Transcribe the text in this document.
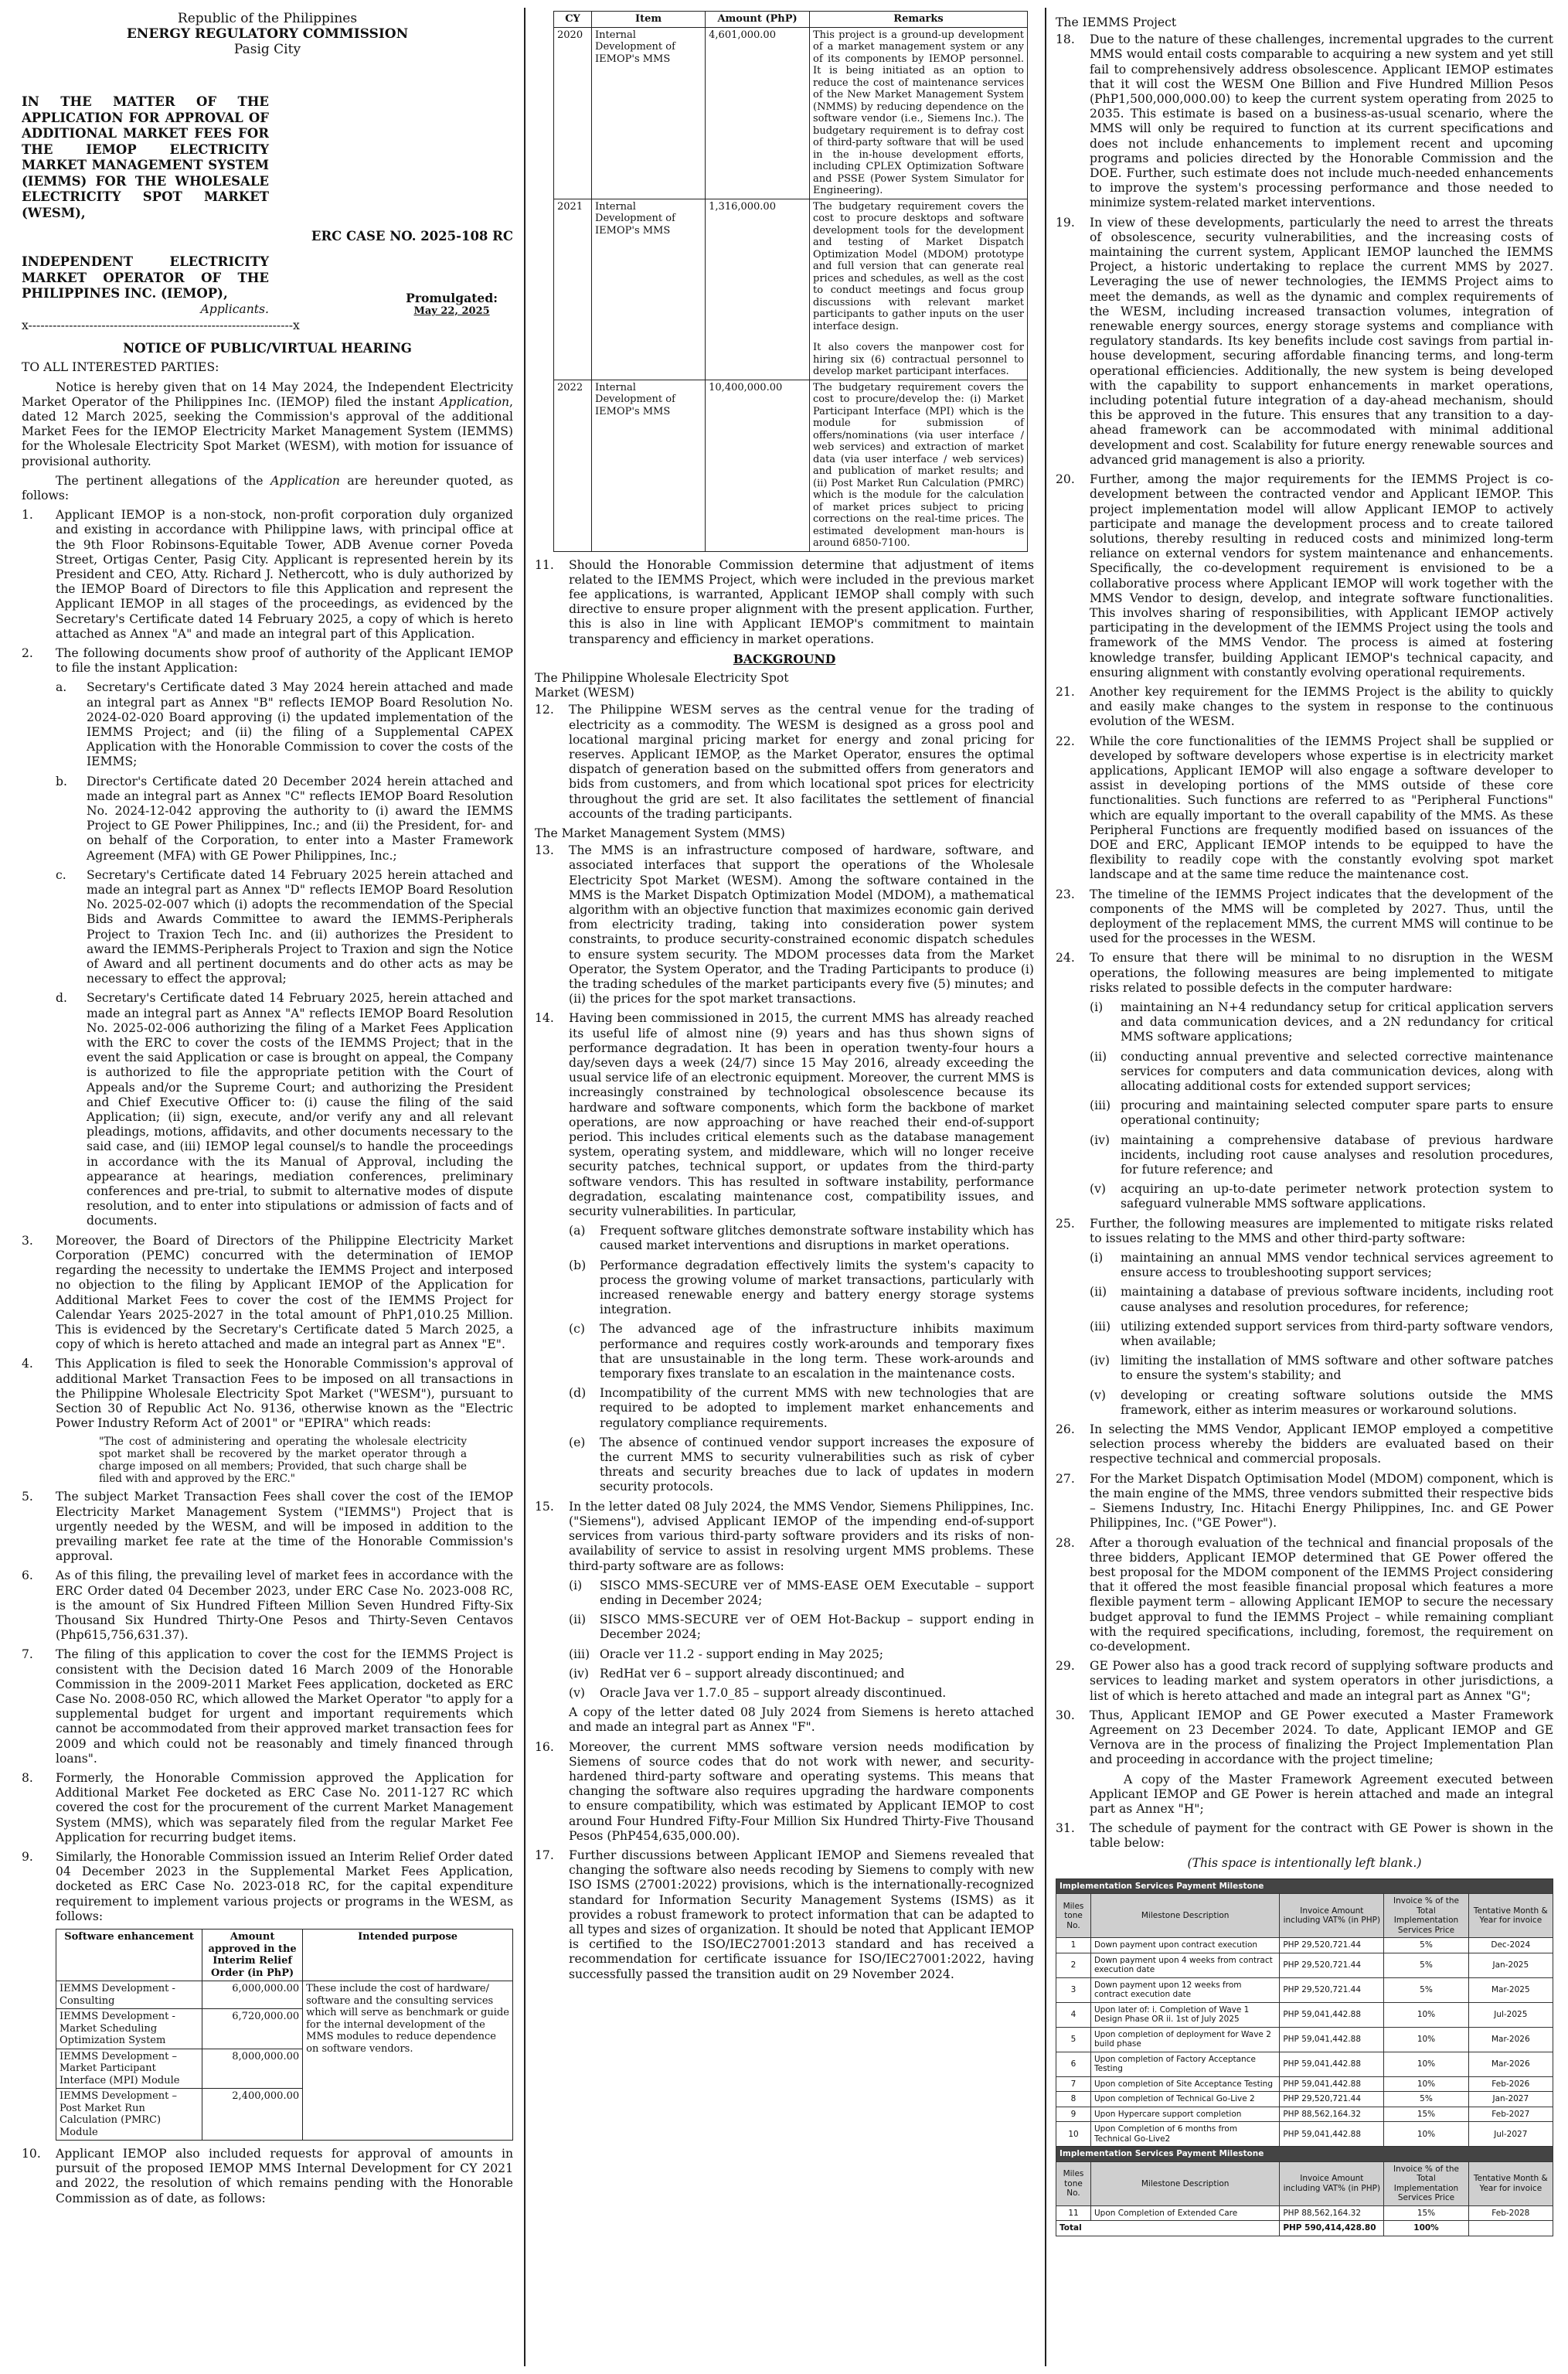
Republic of the Philippines

ENERGY REGULATORY COMMISSION

Pasig City

IN THE MATTER OF THE APPLICATION FOR APPROVAL OF ADDITIONAL MARKET FEES FOR THE IEMOP ELECTRICITY MARKET MANAGEMENT SYSTEM (IEMMS) FOR THE WHOLESALE ELECTRICITY SPOT MARKET (WESM),

ERC CASE NO. 2025-108 RC

INDEPENDENT ELECTRICITY MARKET OPERATOR OF THE PHILIPPINES INC. (IEMOP),

Applicants.

Promulgated:
May 22, 2025

x-----------------------------------------------------------------x

NOTICE OF PUBLIC/VIRTUAL HEARING

TO ALL INTERESTED PARTIES:

Notice is hereby given that on 14 May 2024, the Independent Electricity Market Operator of the Philippines Inc. (IEMOP) filed the instant Application, dated 12 March 2025, seeking the Commission's approval of the additional Market Fees for the IEMOP Electricity Market Management System (IEMMS) for the Wholesale Electricity Spot Market (WESM), with motion for issuance of provisional authority.

The pertinent allegations of the Application are hereunder quoted, as follows:

1.	Applicant IEMOP is a non-stock, non-profit corporation duly organized and existing in accordance with Philippine laws, with principal office at the 9th Floor Robinsons-Equitable Tower, ADB Avenue corner Poveda Street, Ortigas Center, Pasig City. Applicant is represented herein by its President and CEO, Atty. Richard J. Nethercott, who is duly authorized by the IEMOP Board of Directors to file this Application and represent the Applicant IEMOP in all stages of the proceedings, as evidenced by the Secretary's Certificate dated 14 February 2025, a copy of which is hereto attached as Annex "A" and made an integral part of this Application.
2.	The following documents show proof of authority of the Applicant IEMOP to file the instant Application:
a.	Secretary's Certificate dated 3 May 2024 herein attached and made an integral part as Annex "B" reflects IEMOP Board Resolution No. 2024-02-020 Board approving (i) the updated implementation of the IEMMS Project; and (ii) the filing of a Supplemental CAPEX Application with the Honorable Commission to cover the costs of the IEMMS;
b.	Director's Certificate dated 20 December 2024 herein attached and made an integral part as Annex "C" reflects IEMOP Board Resolution No. 2024-12-042 approving the authority to (i) award the IEMMS Project to GE Power Philippines, Inc.; and (ii) the President, for- and on behalf of the Corporation, to enter into a Master Framework Agreement (MFA) with GE Power Philippines, Inc.;
c.	Secretary's Certificate dated 14 February 2025 herein attached and made an integral part as Annex "D" reflects IEMOP Board Resolution No. 2025-02-007 which (i) adopts the recommendation of the Special Bids and Awards Committee to award the IEMMS-Peripherals Project to Traxion Tech Inc. and (ii) authorizes the President to award the IEMMS-Peripherals Project to Traxion and sign the Notice of Award and all pertinent documents and do other acts as may be necessary to effect the approval;
d.	Secretary's Certificate dated 14 February 2025, herein attached and made an integral part as Annex "A" reflects IEMOP Board Resolution No. 2025-02-006 authorizing the filing of a Market Fees Application with the ERC to cover the costs of the IEMMS Project; that in the event the said Application or case is brought on appeal, the Company is authorized to file the appropriate petition with the Court of Appeals and/or the Supreme Court; and authorizing the President and Chief Executive Officer to: (i) cause the filing of the said Application; (ii) sign, execute, and/or verify any and all relevant pleadings, motions, affidavits, and other documents necessary to the said case, and (iii) IEMOP legal counsel/s to handle the proceedings in accordance with the its Manual of Approval, including the appearance at hearings, mediation conferences, preliminary conferences and pre-trial, to submit to alternative modes of dispute resolution, and to enter into stipulations or admission of facts and of documents.
3.	Moreover, the Board of Directors of the Philippine Electricity Market Corporation (PEMC) concurred with the determination of IEMOP regarding the necessity to undertake the IEMMS Project and interposed no objection to the filing by Applicant IEMOP of the Application for Additional Market Fees to cover the cost of the IEMMS Project for Calendar Years 2025-2027 in the total amount of PhP1,010.25 Million. This is evidenced by the Secretary's Certificate dated 5 March 2025, a copy of which is hereto attached and made an integral part as Annex "E".
4.	This Application is filed to seek the Honorable Commission's approval of additional Market Transaction Fees to be imposed on all transactions in the Philippine Wholesale Electricity Spot Market ("WESM"), pursuant to Section 30 of Republic Act No. 9136, otherwise known as the "Electric Power Industry Reform Act of 2001" or "EPIRA" which reads:

"The cost of administering and operating the wholesale electricity spot market shall be recovered by the market operator through a charge imposed on all members; Provided, that such charge shall be filed with and approved by the ERC."

5.	The subject Market Transaction Fees shall cover the cost of the IEMOP Electricity Market Management System ("IEMMS") Project that is urgently needed by the WESM, and will be imposed in addition to the prevailing market fee rate at the time of the Honorable Commission's approval.
6.	As of this filing, the prevailing level of market fees in accordance with the ERC Order dated 04 December 2023, under ERC Case No. 2023-008 RC, is the amount of Six Hundred Fifteen Million Seven Hundred Fifty-Six Thousand Six Hundred Thirty-One Pesos and Thirty-Seven Centavos (Php615,756,631.37).
7.	The filing of this application to cover the cost for the IEMMS Project is consistent with the Decision dated 16 March 2009 of the Honorable Commission in the 2009-2011 Market Fees application, docketed as ERC Case No. 2008-050 RC, which allowed the Market Operator "to apply for a supplemental budget for urgent and important requirements which cannot be accommodated from their approved market transaction fees for 2009 and which could not be reasonably and timely financed through loans".
8.	Formerly, the Honorable Commission approved the Application for Additional Market Fee docketed as ERC Case No. 2011-127 RC which covered the cost for the procurement of the current Market Management System (MMS), which was separately filed from the regular Market Fee Application for recurring budget items.
9.	Similarly, the Honorable Commission issued an Interim Relief Order dated 04 December 2023 in the Supplemental Market Fees Application, docketed as ERC Case No. 2023-018 RC, for the capital expenditure requirement to implement various projects or programs in the WESM, as follows:
Software enhancement	Amount approved in the Interim Relief Order (in PhP)	Intended purpose
IEMMS Development - Consulting	6,000,000.00	These include the cost of hardware/ software and the consulting services which will serve as benchmark or guide for the internal development of the MMS modules to reduce dependence on software vendors.
IEMMS Development - Market Scheduling Optimization System	6,720,000.00	
IEMMS Development – Market Participant Interface (MPI) Module	8,000,000.00	
IEMMS Development – Post Market Run Calculation (PMRC) Module	2,400,000.00	
10.	Applicant IEMOP also included requests for approval of amounts in pursuit of the proposed IEMOP MMS Internal Development for CY 2021 and 2022, the resolution of which remains pending with the Honorable Commission as of date, as follows:
CY	Item	Amount (PhP)	Remarks
2020	Internal Development of IEMOP's MMS	4,601,000.00	This project is a ground-up development of a market management system or any of its components by IEMOP personnel. It is being initiated as an option to reduce the cost of maintenance services of the New Market Management System (NMMS) by reducing dependence on the software vendor (i.e., Siemens Inc.). The budgetary requirement is to defray cost of third-party software that will be used in the in-house development efforts, including CPLEX Optimization Software and PSSE (Power System Simulator for Engineering).
2021	Internal Development of IEMOP's MMS	1,316,000.00	The budgetary requirement covers the cost to procure desktops and software development tools for the development and testing of Market Dispatch Optimization Model (MDOM) prototype and full version that can generate real prices and schedules, as well as the cost to conduct meetings and focus group discussions with relevant market participants to gather inputs on the user interface design.
It also covers the manpower cost for hiring six (6) contractual personnel to develop market participant interfaces.

2022	Internal Development of IEMOP's MMS	10,400,000.00	The budgetary requirement covers the cost to procure/develop the: (i) Market Participant Interface (MPI) which is the module for submission of offers/nominations (via user interface / web services) and extraction of market data (via user interface / web services) and publication of market results; and (ii) Post Market Run Calculation (PMRC) which is the module for the calculation of market prices subject to pricing corrections on the real-time prices. The estimated development man-hours is around 6850-7100.
11.	Should the Honorable Commission determine that adjustment of items related to the IEMMS Project, which were included in the previous market fee applications, is warranted, Applicant IEMOP shall comply with such directive to ensure proper alignment with the present application. Further, this is also in line with Applicant IEMOP's commitment to maintain transparency and efficiency in market operations.

BACKGROUND

The Philippine Wholesale Electricity Spot Market (WESM)

12.	The Philippine WESM serves as the central venue for the trading of electricity as a commodity. The WESM is designed as a gross pool and locational marginal pricing market for energy and zonal pricing for reserves. Applicant IEMOP, as the Market Operator, ensures the optimal dispatch of generation based on the submitted offers from generators and bids from customers, and from which locational spot prices for electricity throughout the grid are set. It also facilitates the settlement of financial accounts of the trading participants.

The Market Management System (MMS)

13.	The MMS is an infrastructure composed of hardware, software, and associated interfaces that support the operations of the Wholesale Electricity Spot Market (WESM). Among the software contained in the MMS is the Market Dispatch Optimization Model (MDOM), a mathematical algorithm with an objective function that maximizes economic gain derived from electricity trading, taking into consideration power system constraints, to produce security-constrained economic dispatch schedules to ensure system security. The MDOM processes data from the Market Operator, the System Operator, and the Trading Participants to produce (i) the trading schedules of the market participants every five (5) minutes; and (ii) the prices for the spot market transactions.
14.	Having been commissioned in 2015, the current MMS has already reached its useful life of almost nine (9) years and has thus shown signs of performance degradation. It has been in operation twenty-four hours a day/seven days a week (24/7) since 15 May 2016, already exceeding the usual service life of an electronic equipment. Moreover, the current MMS is increasingly constrained by technological obsolescence because its hardware and software components, which form the backbone of market operations, are now approaching or have reached their end-of-support period. This includes critical elements such as the database management system, operating system, and middleware, which will no longer receive security patches, technical support, or updates from the third-party software vendors. This has resulted in software instability, performance degradation, escalating maintenance cost, compatibility issues, and security vulnerabilities. In particular,
(a)	Frequent software glitches demonstrate software instability which has caused market interventions and disruptions in market operations.
(b)	Performance degradation effectively limits the system's capacity to process the growing volume of market transactions, particularly with increased renewable energy and battery energy storage systems integration.
(c)	The advanced age of the infrastructure inhibits maximum performance and requires costly work-arounds and temporary fixes that are unsustainable in the long term. These work-arounds and temporary fixes translate to an escalation in the maintenance costs.
(d)	Incompatibility of the current MMS with new technologies that are required to be adopted to implement market enhancements and regulatory compliance requirements.
(e)	The absence of continued vendor support increases the exposure of the current MMS to security vulnerabilities such as risk of cyber threats and security breaches due to lack of updates in modern security protocols.
15.	In the letter dated 08 July 2024, the MMS Vendor, Siemens Philippines, Inc. ("Siemens"), advised Applicant IEMOP of the impending end-of-support services from various third-party software providers and its risks of non-availability of service to assist in resolving urgent MMS problems. These third-party software are as follows:
(i)	SISCO MMS-SECURE ver of MMS-EASE OEM Executable – support ending in December 2024;
(ii)	SISCO MMS-SECURE ver of OEM Hot-Backup – support ending in December 2024;
(iii) Oracle ver 11.2 - support ending in May 2025;
(iv) RedHat ver 6 – support already discontinued; and
(v)	Oracle Java ver 1.7.0_85 – support already discontinued.

A copy of the letter dated 08 July 2024 from Siemens is hereto attached and made an integral part as Annex "F".

16.	Moreover, the current MMS software version needs modification by Siemens of source codes that do not work with newer, and security-hardened third-party software and operating systems. This means that changing the software also requires upgrading the hardware components to ensure compatibility, which was estimated by Applicant IEMOP to cost around Four Hundred Fifty-Four Million Six Hundred Thirty-Five Thousand Pesos (PhP454,635,000.00).
17.	Further discussions between Applicant IEMOP and Siemens revealed that changing the software also needs recoding by Siemens to comply with new ISO ISMS (27001:2022) provisions, which is the internationally-recognized standard for Information Security Management Systems (ISMS) as it provides a robust framework to protect information that can be adapted to all types and sizes of organization. It should be noted that Applicant IEMOP is certified to the ISO/IEC27001:2013 standard and has received a recommendation for certificate issuance for ISO/IEC27001:2022, having successfully passed the transition audit on 29 November 2024.

The IEMMS Project

18.	Due to the nature of these challenges, incremental upgrades to the current MMS would entail costs comparable to acquiring a new system and yet still fail to comprehensively address obsolescence. Applicant IEMOP estimates that it will cost the WESM One Billion and Five Hundred Million Pesos (PhP1,500,000,000.00) to keep the current system operating from 2025 to 2035. This estimate is based on a business-as-usual scenario, where the MMS will only be required to function at its current specifications and does not include enhancements to implement recent and upcoming programs and policies directed by the Honorable Commission and the DOE. Further, such estimate does not include much-needed enhancements to improve the system's processing performance and those needed to minimize system-related market interventions.
19.	In view of these developments, particularly the need to arrest the threats of obsolescence, security vulnerabilities, and the increasing costs of maintaining the current system, Applicant IEMOP launched the IEMMS Project, a historic undertaking to replace the current MMS by 2027. Leveraging the use of newer technologies, the IEMMS Project aims to meet the demands, as well as the dynamic and complex requirements of the WESM, including increased transaction volumes, integration of renewable energy sources, energy storage systems and compliance with regulatory standards. Its key benefits include cost savings from partial in-house development, securing affordable financing terms, and long-term operational efficiencies. Additionally, the new system is being developed with the capability to support enhancements in market operations, including potential future integration of a day-ahead mechanism, should this be approved in the future. This ensures that any transition to a day-ahead framework can be accommodated with minimal additional development and cost. Scalability for future energy renewable sources and advanced grid management is also a priority.
20.	Further, among the major requirements for the IEMMS Project is co-development between the contracted vendor and Applicant IEMOP. This project implementation model will allow Applicant IEMOP to actively participate and manage the development process and to create tailored solutions, thereby resulting in reduced costs and minimized long-term reliance on external vendors for system maintenance and enhancements. Specifically, the co-development requirement is envisioned to be a collaborative process where Applicant IEMOP will work together with the MMS Vendor to design, develop, and integrate software functionalities. This involves sharing of responsibilities, with Applicant IEMOP actively participating in the development of the IEMMS Project using the tools and framework of the MMS Vendor. The process is aimed at fostering knowledge transfer, building Applicant IEMOP's technical capacity, and ensuring alignment with constantly evolving operational requirements.
21.	Another key requirement for the IEMMS Project is the ability to quickly and easily make changes to the system in response to the continuous evolution of the WESM.
22.	While the core functionalities of the IEMMS Project shall be supplied or developed by software developers whose expertise is in electricity market applications, Applicant IEMOP will also engage a software developer to assist in developing portions of the MMS outside of these core functionalities. Such functions are referred to as "Peripheral Functions" which are equally important to the overall capability of the MMS. As these Peripheral Functions are frequently modified based on issuances of the DOE and ERC, Applicant IEMOP intends to be equipped to have the flexibility to readily cope with the constantly evolving spot market landscape and at the same time reduce the maintenance cost.
23.	The timeline of the IEMMS Project indicates that the development of the components of the MMS will be completed by 2027. Thus, until the deployment of the replacement MMS, the current MMS will continue to be used for the processes in the WESM.
24.	To ensure that there will be minimal to no disruption in the WESM operations, the following measures are being implemented to mitigate risks related to possible defects in the computer hardware:
(i)	maintaining an N+4 redundancy setup for critical application servers and data communication devices, and a 2N redundancy for critical MMS software applications;
(ii)	conducting annual preventive and selected corrective maintenance services for computers and data communication devices, along with allocating additional costs for extended support services;
(iii) procuring and maintaining selected computer spare parts to ensure operational continuity;
(iv) maintaining a comprehensive database of previous hardware incidents, including root cause analyses and resolution procedures, for future reference; and
(v)	acquiring an up-to-date perimeter network protection system to safeguard vulnerable MMS software applications.
25.	Further, the following measures are implemented to mitigate risks related to issues relating to the MMS and other third-party software:
(i)	maintaining an annual MMS vendor technical services agreement to ensure access to troubleshooting support services;
(ii)	maintaining a database of previous software incidents, including root cause analyses and resolution procedures, for reference;
(iii) utilizing extended support services from third-party software vendors, when available;
(iv) limiting the installation of MMS software and other software patches to ensure the system's stability; and
(v)	developing or creating software solutions outside the MMS framework, either as interim measures or workaround solutions.
26.	In selecting the MMS Vendor, Applicant IEMOP employed a competitive selection process whereby the bidders are evaluated based on their respective technical and commercial proposals.
27.	For the Market Dispatch Optimisation Model (MDOM) component, which is the main engine of the MMS, three vendors submitted their respective bids – Siemens Industry, Inc. Hitachi Energy Philippines, Inc. and GE Power Philippines, Inc. ("GE Power").
28.	After a thorough evaluation of the technical and financial proposals of the three bidders, Applicant IEMOP determined that GE Power offered the best proposal for the MDOM component of the IEMMS Project considering that it offered the most feasible financial proposal which features a more flexible payment term – allowing Applicant IEMOP to secure the necessary budget approval to fund the IEMMS Project – while remaining compliant with the required specifications, including, foremost, the requirement on co-development.
29.	GE Power also has a good track record of supplying software products and services to leading market and system operators in other jurisdictions, a list of which is hereto attached and made an integral part as Annex "G";
30.	Thus, Applicant IEMOP and GE Power executed a Master Framework Agreement on 23 December 2024. To date, Applicant IEMOP and GE Vernova are in the process of finalizing the Project Implementation Plan and proceeding in accordance with the project timeline;

A copy of the Master Framework Agreement executed between Applicant IEMOP and GE Power is herein attached and made an integral part as Annex "H";

31.	The schedule of payment for the contract with GE Power is shown in the table below:

(This space is intentionally left blank.)

Implementation Services Payment Milestone				
Miles tone No.	Milestone Description	Invoice Amount including VAT% (in PHP)	Invoice % of the Total Implementation Services Price	Tentative Month & Year for invoice
1	Down payment upon contract execution	PHP 29,520,721.44	5%	Dec-2024
2	Down payment upon 4 weeks from contract execution date	PHP 29,520,721.44	5%	Jan-2025
3	Down payment upon 12 weeks from contract execution date	PHP 29,520,721.44	5%	Mar-2025
4	Upon later of: i. Completion of Wave 1 Design Phase OR ii. 1st of July 2025	PHP 59,041,442.88	10%	Jul-2025
5	Upon completion of deployment for Wave 2 build phase	PHP 59,041,442.88	10%	Mar-2026
6	Upon completion of Factory Acceptance Testing	PHP 59,041,442.88	10%	Mar-2026
7	Upon completion of Site Acceptance Testing	PHP 59,041,442.88	10%	Feb-2026
8	Upon completion of Technical Go-Live 2	PHP 29,520,721.44	5%	Jan-2027
9	Upon Hypercare support completion	PHP 88,562,164.32	15%	Feb-2027
10	Upon Completion of 6 months from Technical Go-Live2	PHP 59,041,442.88	10%	Jul-2027
Implementation Services Payment Milestone				
Miles tone No.	Milestone Description	Invoice Amount including VAT% (in PHP)	Invoice % of the Total Implementation Services Price	Tentative Month & Year for invoice
11	Upon Completion of Extended Care	PHP 88,562,164.32	15%	Feb-2028
Total		PHP 590,414,428.80	100%	
